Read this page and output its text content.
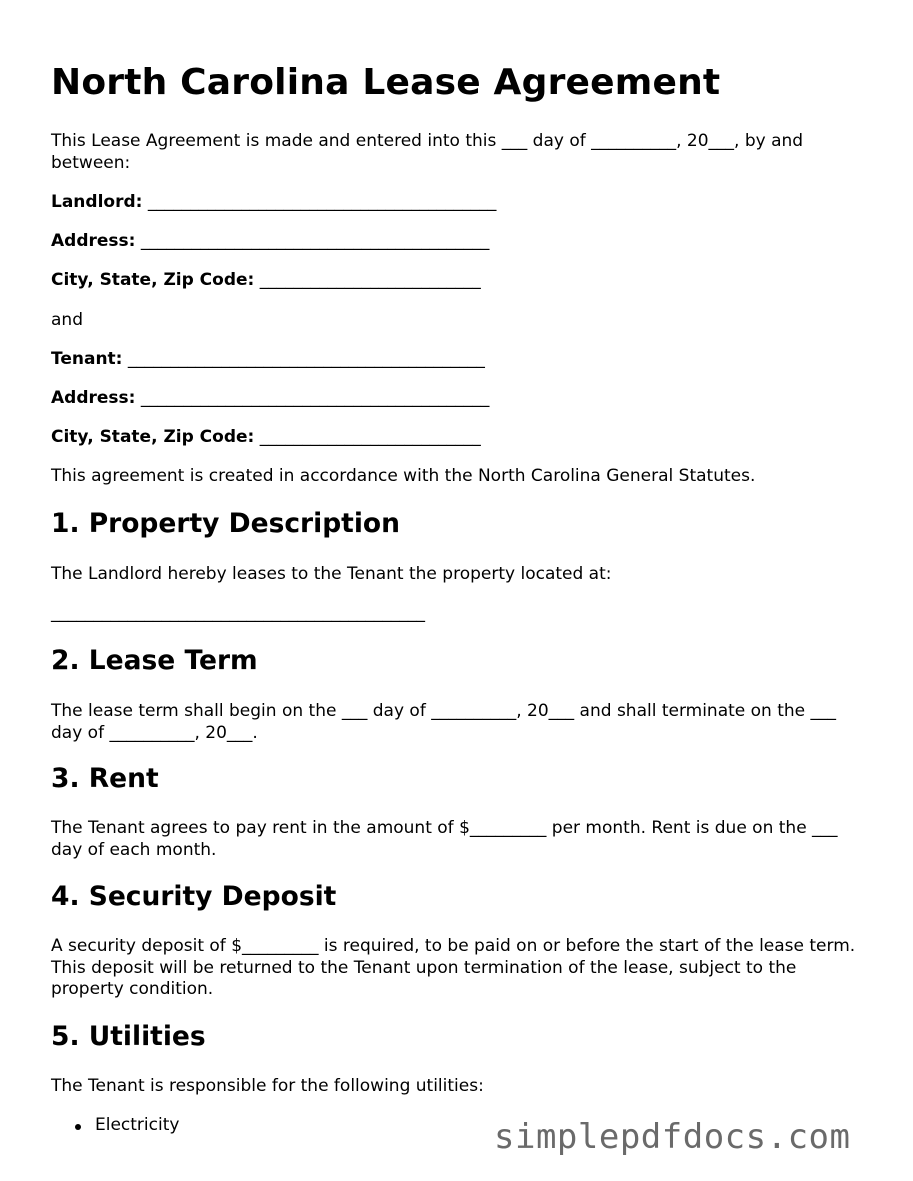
North Carolina Lease Agreement

This Lease Agreement is made and entered into this ___ day of __________, 20___, by and between:

Landlord: _________________________________________

Address: _________________________________________

City, State, Zip Code: __________________________

and

Tenant: __________________________________________

Address: _________________________________________

City, State, Zip Code: __________________________

This agreement is created in accordance with the North Carolina General Statutes.

1. Property Description

The Landlord hereby leases to the Tenant the property located at:

____________________________________________

2. Lease Term

The lease term shall begin on the ___ day of __________, 20___ and shall terminate on the ___ day of __________, 20___.

3. Rent

The Tenant agrees to pay rent in the amount of $_________ per month. Rent is due on the ___ day of each month.

4. Security Deposit

A security deposit of $_________ is required, to be paid on or before the start of the lease term. This deposit will be returned to the Tenant upon termination of the lease, subject to the property condition.

5. Utilities

The Tenant is responsible for the following utilities:

Electricity	simplepdfdocs.com
